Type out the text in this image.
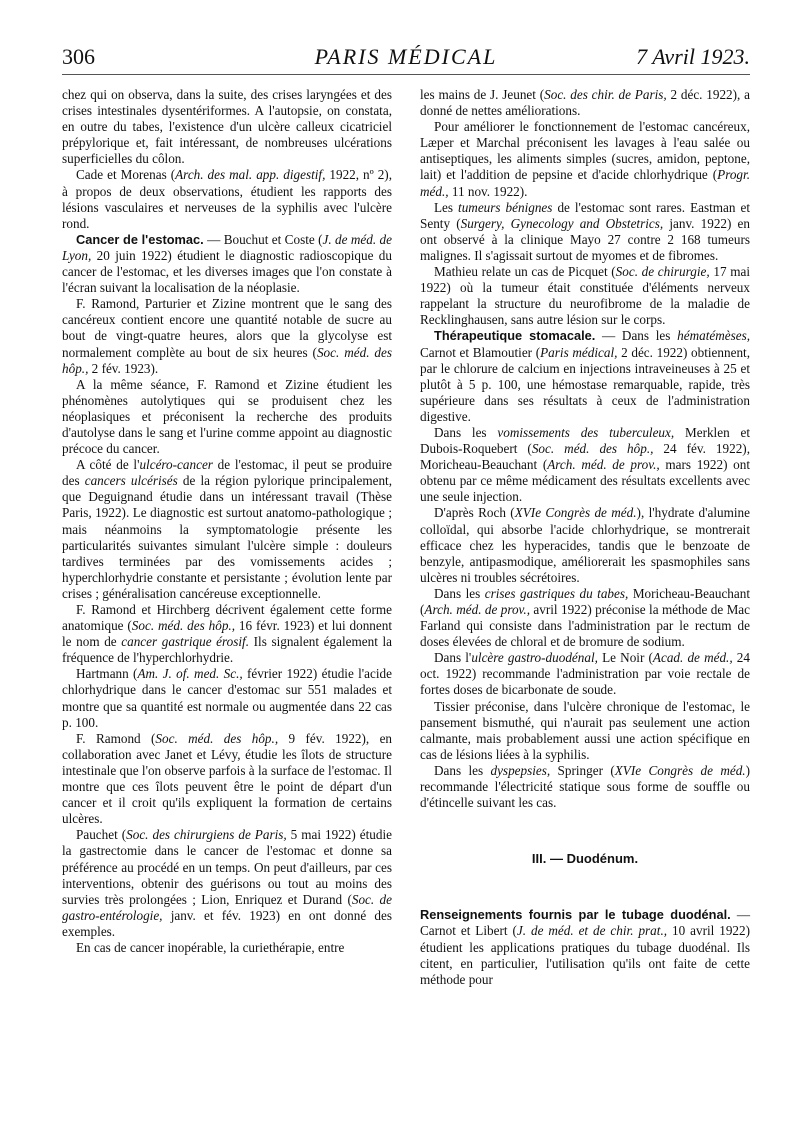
306	PARIS MÉDICAL	7 Avril 1923.

chez qui on observa, dans la suite, des crises laryngées et des crises intestinales dysentériformes. A l'autopsie, on constata, en outre du tabes, l'existence d'un ulcère calleux cicatriciel prépylorique et, fait intéressant, de nombreuses ulcérations superficielles du côlon.

Cade et Morenas (Arch. des mal. app. digestif, 1922, nº 2), à propos de deux observations, étudient les rapports des lésions vasculaires et nerveuses de la syphilis avec l'ulcère rond.

Cancer de l'estomac. — Bouchut et Coste (J. de méd. de Lyon, 20 juin 1922) étudient le diagnostic radioscopique du cancer de l'estomac, et les diverses images que l'on constate à l'écran suivant la localisation de la néoplasie.

F. Ramond, Parturier et Zizine montrent que le sang des cancéreux contient encore une quantité notable de sucre au bout de vingt-quatre heures, alors que la glycolyse est normalement complète au bout de six heures (Soc. méd. des hôp., 2 fév. 1923).

A la même séance, F. Ramond et Zizine étudient les phénomènes autolytiques qui se produisent chez les néoplasiques et préconisent la recherche des produits d'autolyse dans le sang et l'urine comme appoint au diagnostic précoce du cancer.

A côté de l'ulcéro-cancer de l'estomac, il peut se produire des cancers ulcérisés de la région pylorique principalement, que Deguignand étudie dans un intéressant travail (Thèse Paris, 1922). Le diagnostic est surtout anatomo-pathologique ; mais néanmoins la symptomatologie présente les particularités suivantes simulant l'ulcère simple : douleurs tardives terminées par des vomissements acides ; hyperchlorhydrie constante et persistante ; évolution lente par crises ; généralisation cancéreuse exceptionnelle.

F. Ramond et Hirchberg décrivent également cette forme anatomique (Soc. méd. des hôp., 16 févr. 1923) et lui donnent le nom de cancer gastrique érosif. Ils signalent également la fréquence de l'hyperchlorhydrie.

Hartmann (Am. J. of. med. Sc., février 1922) étudie l'acide chlorhydrique dans le cancer d'estomac sur 551 malades et montre que sa quantité est normale ou augmentée dans 22 cas p. 100.

F. Ramond (Soc. méd. des hôp., 9 fév. 1922), en collaboration avec Janet et Lévy, étudie les îlots de structure intestinale que l'on observe parfois à la surface de l'estomac. Il montre que ces îlots peuvent être le point de départ d'un cancer et il croit qu'ils expliquent la formation de certains ulcères.

Pauchet (Soc. des chirurgiens de Paris, 5 mai 1922) étudie la gastrectomie dans le cancer de l'estomac et donne sa préférence au procédé en un temps. On peut d'ailleurs, par ces interventions, obtenir des guérisons ou tout au moins des survies très prolongées ; Lion, Enriquez et Durand (Soc. de gastro-entérologie, janv. et fév. 1923) en ont donné des exemples.

En cas de cancer inopérable, la curiethérapie, entre

les mains de J. Jeunet (Soc. des chir. de Paris, 2 déc. 1922), a donné de nettes améliorations.

Pour améliorer le fonctionnement de l'estomac cancéreux, Læper et Marchal préconisent les lavages à l'eau salée ou antiseptiques, les aliments simples (sucres, amidon, peptone, lait) et l'addition de pepsine et d'acide chlorhydrique (Progr. méd., 11 nov. 1922).

Les tumeurs bénignes de l'estomac sont rares. Eastman et Senty (Surgery, Gynecology and Obstetrics, janv. 1922) en ont observé à la clinique Mayo 27 contre 2 168 tumeurs malignes. Il s'agissait surtout de myomes et de fibromes.

Mathieu relate un cas de Picquet (Soc. de chirurgie, 17 mai 1922) où la tumeur était constituée d'éléments nerveux rappelant la structure du neurofibrome de la maladie de Recklinghausen, sans autre lésion sur le corps.

Thérapeutique stomacale. — Dans les hématémèses, Carnot et Blamoutier (Paris médical, 2 déc. 1922) obtiennent, par le chlorure de calcium en injections intraveineuses à 25 et plutôt à 5 p. 100, une hémostase remarquable, rapide, très supérieure dans ses résultats à ceux de l'administration digestive.

Dans les vomissements des tuberculeux, Merklen et Dubois-Roquebert (Soc. méd. des hôp., 24 fév. 1922), Moricheau-Beauchant (Arch. méd. de prov., mars 1922) ont obtenu par ce même médicament des résultats excellents avec une seule injection.

D'après Roch (XVIe Congrès de méd.), l'hydrate d'alumine colloïdal, qui absorbe l'acide chlorhydrique, se montrerait efficace chez les hyperacides, tandis que le benzoate de benzyle, antipasmodique, améliorerait les spasmophiles sans ulcères ni troubles sécrétoires.

Dans les crises gastriques du tabes, Moricheau-Beauchant (Arch. méd. de prov., avril 1922) préconise la méthode de Mac Farland qui consiste dans l'administration par le rectum de doses élevées de chloral et de bromure de sodium.

Dans l'ulcère gastro-duodénal, Le Noir (Acad. de méd., 24 oct. 1922) recommande l'administration par voie rectale de fortes doses de bicarbonate de soude.

Tissier préconise, dans l'ulcère chronique de l'estomac, le pansement bismuthé, qui n'aurait pas seulement une action calmante, mais probablement aussi une action spécifique en cas de lésions liées à la syphilis.

Dans les dyspepsies, Springer (XVIe Congrès de méd.) recommande l'électricité statique sous forme de souffle ou d'étincelle suivant les cas.

III. — Duodénum.

Renseignements fournis par le tubage duodénal. — Carnot et Libert (J. de méd. et de chir. prat., 10 avril 1922) étudient les applications pratiques du tubage duodénal. Ils citent, en particulier, l'utilisation qu'ils ont faite de cette méthode pour
